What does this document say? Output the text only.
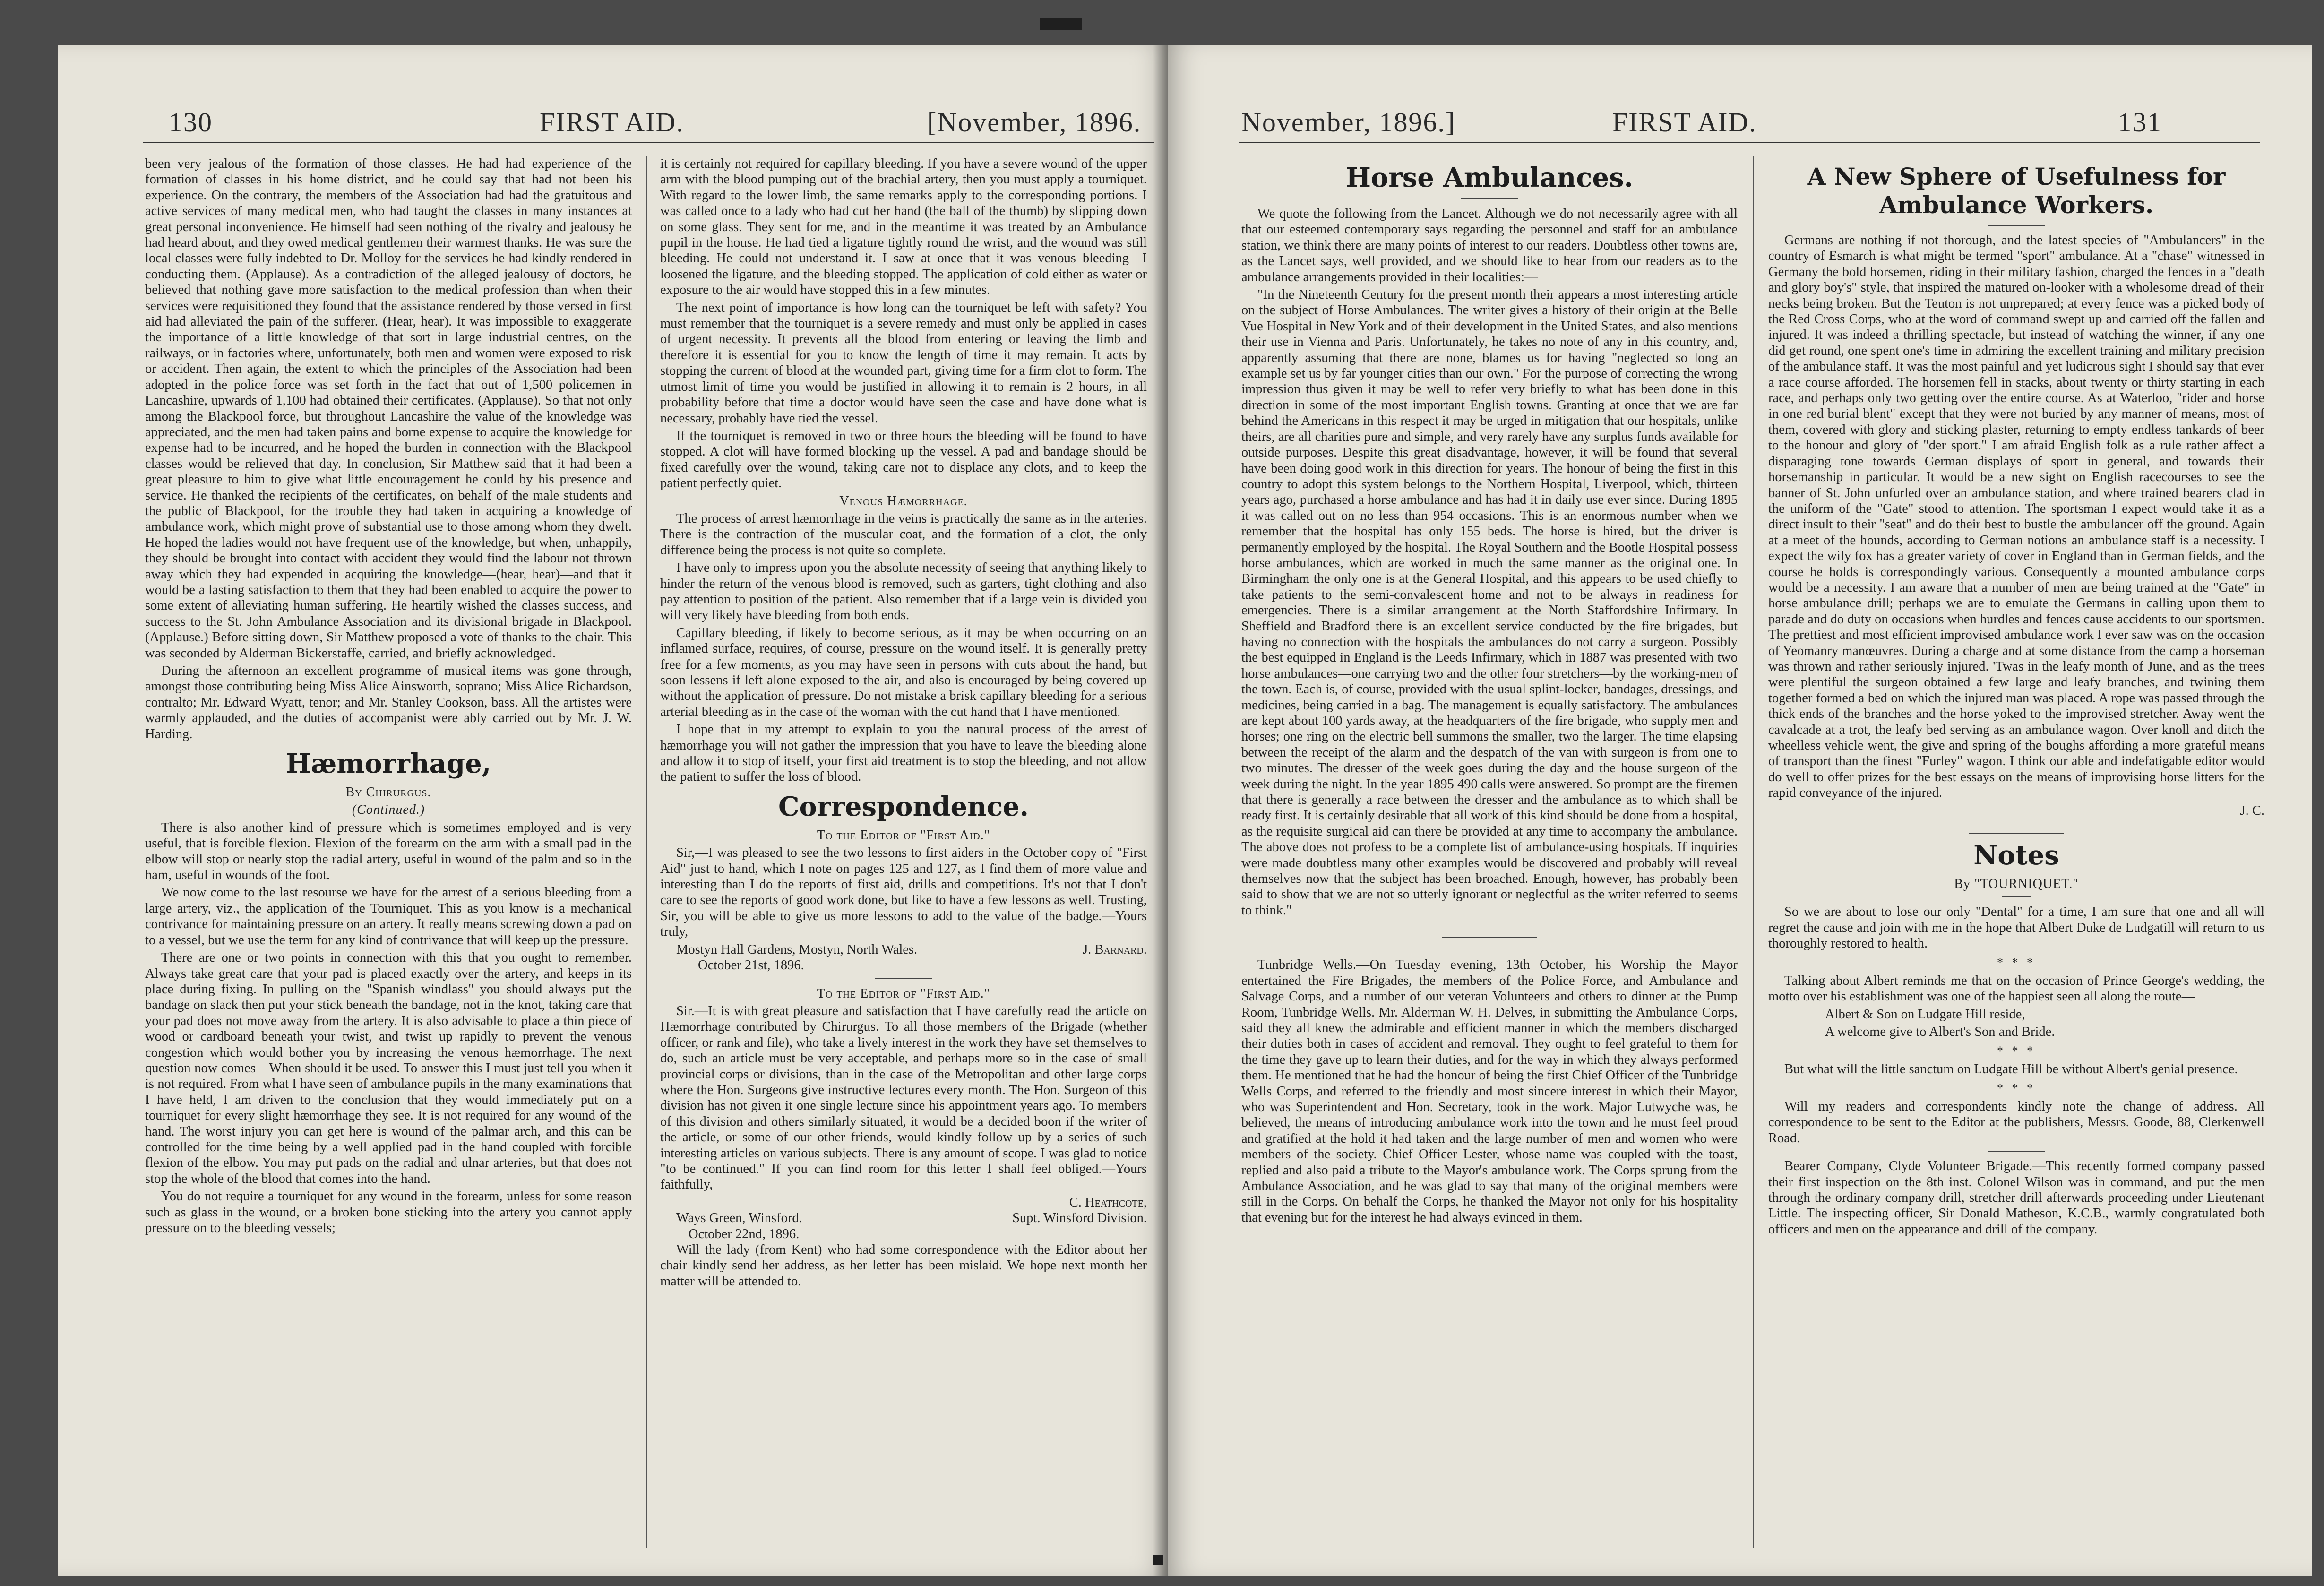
130	FIRST AID.	[November, 1896.

been very jealous of the formation of those classes. He had had experience of the formation of classes in his home district, and he could say that had not been his experience. On the contrary, the members of the Association had had the gratuitous and active services of many medical men, who had taught the classes in many instances at great personal inconvenience. He himself had seen nothing of the rivalry and jealousy he had heard about, and they owed medical gentlemen their warmest thanks. He was sure the local classes were fully indebted to Dr. Molloy for the services he had kindly rendered in conducting them. (Applause). As a contradiction of the alleged jealousy of doctors, he believed that nothing gave more satisfaction to the medical profession than when their services were requisitioned they found that the assistance rendered by those versed in first aid had alleviated the pain of the sufferer. (Hear, hear). It was impossible to exaggerate the importance of a little knowledge of that sort in large industrial centres, on the railways, or in factories where, unfortunately, both men and women were exposed to risk or accident. Then again, the extent to which the principles of the Association had been adopted in the police force was set forth in the fact that out of 1,500 policemen in Lancashire, upwards of 1,100 had obtained their certificates. (Applause). So that not only among the Blackpool force, but throughout Lancashire the value of the knowledge was appreciated, and the men had taken pains and borne expense to acquire the knowledge for expense had to be incurred, and he hoped the burden in connection with the Blackpool classes would be relieved that day. In conclusion, Sir Matthew said that it had been a great pleasure to him to give what little encouragement he could by his presence and service. He thanked the recipients of the certificates, on behalf of the male students and the public of Blackpool, for the trouble they had taken in acquiring a knowledge of ambulance work, which might prove of substantial use to those among whom they dwelt. He hoped the ladies would not have frequent use of the knowledge, but when, unhappily, they should be brought into contact with accident they would find the labour not thrown away which they had expended in acquiring the knowledge—(hear, hear)—and that it would be a lasting satisfaction to them that they had been enabled to acquire the power to some extent of alleviating human suffering. He heartily wished the classes success, and success to the St. John Ambulance Association and its divisional brigade in Blackpool. (Applause.) Before sitting down, Sir Matthew proposed a vote of thanks to the chair. This was seconded by Alderman Bickerstaffe, carried, and briefly acknowledged.

During the afternoon an excellent programme of musical items was gone through, amongst those contributing being Miss Alice Ainsworth, soprano; Miss Alice Richardson, contralto; Mr. Edward Wyatt, tenor; and Mr. Stanley Cookson, bass. All the artistes were warmly applauded, and the duties of accompanist were ably carried out by Mr. J. W. Harding.

Hæmorrhage,
By Chirurgus.
(Continued.)

There is also another kind of pressure which is sometimes employed and is very useful, that is forcible flexion. Flexion of the forearm on the arm with a small pad in the elbow will stop or nearly stop the radial artery, useful in wound of the palm and so in the ham, useful in wounds of the foot.

We now come to the last resourse we have for the arrest of a serious bleeding from a large artery, viz., the application of the Tourniquet. This as you know is a mechanical contrivance for maintaining pressure on an artery. It really means screwing down a pad on to a vessel, but we use the term for any kind of contrivance that will keep up the pressure.

There are one or two points in connection with this that you ought to remember. Always take great care that your pad is placed exactly over the artery, and keeps in its place during fixing. In pulling on the "Spanish windlass" you should always put the bandage on slack then put your stick beneath the bandage, not in the knot, taking care that your pad does not move away from the artery. It is also advisable to place a thin piece of wood or cardboard beneath your twist, and twist up rapidly to prevent the venous congestion which would bother you by increasing the venous hæmorrhage. The next question now comes—When should it be used. To answer this I must just tell you when it is not required. From what I have seen of ambulance pupils in the many examinations that I have held, I am driven to the conclusion that they would immediately put on a tourniquet for every slight hæmorrhage they see. It is not required for any wound of the hand. The worst injury you can get here is wound of the palmar arch, and this can be controlled for the time being by a well applied pad in the hand coupled with forcible flexion of the elbow. You may put pads on the radial and ulnar arteries, but that does not stop the whole of the blood that comes into the hand.

You do not require a tourniquet for any wound in the forearm, unless for some reason such as glass in the wound, or a broken bone sticking into the artery you cannot apply pressure on to the bleeding vessels;

it is certainly not required for capillary bleeding. If you have a severe wound of the upper arm with the blood pumping out of the brachial artery, then you must apply a tourniquet. With regard to the lower limb, the same remarks apply to the corresponding portions. I was called once to a lady who had cut her hand (the ball of the thumb) by slipping down on some glass. They sent for me, and in the meantime it was treated by an Ambulance pupil in the house. He had tied a ligature tightly round the wrist, and the wound was still bleeding. He could not understand it. I saw at once that it was venous bleeding—I loosened the ligature, and the bleeding stopped. The application of cold either as water or exposure to the air would have stopped this in a few minutes.

The next point of importance is how long can the tourniquet be left with safety? You must remember that the tourniquet is a severe remedy and must only be applied in cases of urgent necessity. It prevents all the blood from entering or leaving the limb and therefore it is essential for you to know the length of time it may remain. It acts by stopping the current of blood at the wounded part, giving time for a firm clot to form. The utmost limit of time you would be justified in allowing it to remain is 2 hours, in all probability before that time a doctor would have seen the case and have done what is necessary, probably have tied the vessel.

If the tourniquet is removed in two or three hours the bleeding will be found to have stopped. A clot will have formed blocking up the vessel. A pad and bandage should be fixed carefully over the wound, taking care not to displace any clots, and to keep the patient perfectly quiet.

Venous Hæmorrhage.

The process of arrest hæmorrhage in the veins is practically the same as in the arteries. There is the contraction of the muscular coat, and the formation of a clot, the only difference being the process is not quite so complete.

I have only to impress upon you the absolute necessity of seeing that anything likely to hinder the return of the venous blood is removed, such as garters, tight clothing and also pay attention to position of the patient. Also remember that if a large vein is divided you will very likely have bleeding from both ends.

Capillary bleeding, if likely to become serious, as it may be when occurring on an inflamed surface, requires, of course, pressure on the wound itself. It is generally pretty free for a few moments, as you may have seen in persons with cuts about the hand, but soon lessens if left alone exposed to the air, and also is encouraged by being covered up without the application of pressure. Do not mistake a brisk capillary bleeding for a serious arterial bleeding as in the case of the woman with the cut hand that I have mentioned.

I hope that in my attempt to explain to you the natural process of the arrest of hæmorrhage you will not gather the impression that you have to leave the bleeding alone and allow it to stop of itself, your first aid treatment is to stop the bleeding, and not allow the patient to suffer the loss of blood.

Correspondence.
To the Editor of "First Aid."

Sir,—I was pleased to see the two lessons to first aiders in the October copy of "First Aid" just to hand, which I note on pages 125 and 127, as I find them of more value and interesting than I do the reports of first aid, drills and competitions. It's not that I don't care to see the reports of good work done, but like to have a few lessons as well. Trusting, Sir, you will be able to give us more lessons to add to the value of the badge.—Yours truly,

Mostyn Hall Gardens, Mostyn, North Wales.	J. Barnard.
October 21st, 1896.
To the Editor of "First Aid."

Sir.—It is with great pleasure and satisfaction that I have carefully read the article on Hæmorrhage contributed by Chirurgus. To all those members of the Brigade (whether officer, or rank and file), who take a lively interest in the work they have set themselves to do, such an article must be very acceptable, and perhaps more so in the case of small provincial corps or divisions, than in the case of the Metropolitan and other large corps where the Hon. Surgeons give instructive lectures every month. The Hon. Surgeon of this division has not given it one single lecture since his appointment years ago. To members of this division and others similarly situated, it would be a decided boon if the writer of the article, or some of our other friends, would kindly follow up by a series of such interesting articles on various subjects. There is any amount of scope. I was glad to notice "to be continued." If you can find room for this letter I shall feel obliged.—Yours faithfully,

C. Heathcote,
Ways Green, Winsford.	Supt. Winsford Division.
October 22nd, 1896.

Will the lady (from Kent) who had some correspondence with the Editor about her chair kindly send her address, as her letter has been mislaid. We hope next month her matter will be attended to.

November, 1896.]	FIRST AID.	131
Horse Ambulances.

We quote the following from the Lancet. Although we do not necessarily agree with all that our esteemed contemporary says regarding the personnel and staff for an ambulance station, we think there are many points of interest to our readers. Doubtless other towns are, as the Lancet says, well provided, and we should like to hear from our readers as to the ambulance arrangements provided in their localities:—

"In the Nineteenth Century for the present month their appears a most interesting article on the subject of Horse Ambulances. The writer gives a history of their origin at the Belle Vue Hospital in New York and of their development in the United States, and also mentions their use in Vienna and Paris. Unfortunately, he takes no note of any in this country, and, apparently assuming that there are none, blames us for having "neglected so long an example set us by far younger cities than our own." For the purpose of correcting the wrong impression thus given it may be well to refer very briefly to what has been done in this direction in some of the most important English towns. Granting at once that we are far behind the Americans in this respect it may be urged in mitigation that our hospitals, unlike theirs, are all charities pure and simple, and very rarely have any surplus funds available for outside purposes. Despite this great disadvantage, however, it will be found that several have been doing good work in this direction for years. The honour of being the first in this country to adopt this system belongs to the Northern Hospital, Liverpool, which, thirteen years ago, purchased a horse ambulance and has had it in daily use ever since. During 1895 it was called out on no less than 954 occasions. This is an enormous number when we remember that the hospital has only 155 beds. The horse is hired, but the driver is permanently employed by the hospital. The Royal Southern and the Bootle Hospital possess horse ambulances, which are worked in much the same manner as the original one. In Birmingham the only one is at the General Hospital, and this appears to be used chiefly to take patients to the semi-convalescent home and not to be always in readiness for emergencies. There is a similar arrangement at the North Staffordshire Infirmary. In Sheffield and Bradford there is an excellent service conducted by the fire brigades, but having no connection with the hospitals the ambulances do not carry a surgeon. Possibly the best equipped in England is the Leeds Infirmary, which in 1887 was presented with two horse ambulances—one carrying two and the other four stretchers—by the working-men of the town. Each is, of course, provided with the usual splint-locker, bandages, dressings, and medicines, being carried in a bag. The management is equally satisfactory. The ambulances are kept about 100 yards away, at the headquarters of the fire brigade, who supply men and horses; one ring on the electric bell summons the smaller, two the larger. The time elapsing between the receipt of the alarm and the despatch of the van with surgeon is from one to two minutes. The dresser of the week goes during the day and the house surgeon of the week during the night. In the year 1895 490 calls were answered. So prompt are the firemen that there is generally a race between the dresser and the ambulance as to which shall be ready first. It is certainly desirable that all work of this kind should be done from a hospital, as the requisite surgical aid can there be provided at any time to accompany the ambulance. The above does not profess to be a complete list of ambulance-using hospitals. If inquiries were made doubtless many other examples would be discovered and probably will reveal themselves now that the subject has been broached. Enough, however, has probably been said to show that we are not so utterly ignorant or neglectful as the writer referred to seems to think."

Tunbridge Wells.—On Tuesday evening, 13th October, his Worship the Mayor entertained the Fire Brigades, the members of the Police Force, and Ambulance and Salvage Corps, and a number of our veteran Volunteers and others to dinner at the Pump Room, Tunbridge Wells. Mr. Alderman W. H. Delves, in submitting the Ambulance Corps, said they all knew the admirable and efficient manner in which the members discharged their duties both in cases of accident and removal. They ought to feel grateful to them for the time they gave up to learn their duties, and for the way in which they always performed them. He mentioned that he had the honour of being the first Chief Officer of the Tunbridge Wells Corps, and referred to the friendly and most sincere interest in which their Mayor, who was Superintendent and Hon. Secretary, took in the work. Major Lutwyche was, he believed, the means of introducing ambulance work into the town and he must feel proud and gratified at the hold it had taken and the large number of men and women who were members of the society. Chief Officer Lester, whose name was coupled with the toast, replied and also paid a tribute to the Mayor's ambulance work. The Corps sprung from the Ambulance Association, and he was glad to say that many of the original members were still in the Corps. On behalf the Corps, he thanked the Mayor not only for his hospitality that evening but for the interest he had always evinced in them.

A New Sphere of Usefulness for Ambulance Workers.

Germans are nothing if not thorough, and the latest species of "Ambulancers" in the country of Esmarch is what might be termed "sport" ambulance. At a "chase" witnessed in Germany the bold horsemen, riding in their military fashion, charged the fences in a "death and glory boy's" style, that inspired the matured on-looker with a wholesome dread of their necks being broken. But the Teuton is not unprepared; at every fence was a picked body of the Red Cross Corps, who at the word of command swept up and carried off the fallen and injured. It was indeed a thrilling spectacle, but instead of watching the winner, if any one did get round, one spent one's time in admiring the excellent training and military precision of the ambulance staff. It was the most painful and yet ludicrous sight I should say that ever a race course afforded. The horsemen fell in stacks, about twenty or thirty starting in each race, and perhaps only two getting over the entire course. As at Waterloo, "rider and horse in one red burial blent" except that they were not buried by any manner of means, most of them, covered with glory and sticking plaster, returning to empty endless tankards of beer to the honour and glory of "der sport." I am afraid English folk as a rule rather affect a disparaging tone towards German displays of sport in general, and towards their horsemanship in particular. It would be a new sight on English racecourses to see the banner of St. John unfurled over an ambulance station, and where trained bearers clad in the uniform of the "Gate" stood to attention. The sportsman I expect would take it as a direct insult to their "seat" and do their best to bustle the ambulancer off the ground. Again at a meet of the hounds, according to German notions an ambulance staff is a necessity. I expect the wily fox has a greater variety of cover in England than in German fields, and the course he holds is correspondingly various. Consequently a mounted ambulance corps would be a necessity. I am aware that a number of men are being trained at the "Gate" in horse ambulance drill; perhaps we are to emulate the Germans in calling upon them to parade and do duty on occasions when hurdles and fences cause accidents to our sportsmen. The prettiest and most efficient improvised ambulance work I ever saw was on the occasion of Yeomanry manœuvres. During a charge and at some distance from the camp a horseman was thrown and rather seriously injured. 'Twas in the leafy month of June, and as the trees were plentiful the surgeon obtained a few large and leafy branches, and twining them together formed a bed on which the injured man was placed. A rope was passed through the thick ends of the branches and the horse yoked to the improvised stretcher. Away went the cavalcade at a trot, the leafy bed serving as an ambulance wagon. Over knoll and ditch the wheelless vehicle went, the give and spring of the boughs affording a more grateful means of transport than the finest "Furley" wagon. I think our able and indefatigable editor would do well to offer prizes for the best essays on the means of improvising horse litters for the rapid conveyance of the injured.

J. C.
Notes
By "TOURNIQUET."

So we are about to lose our only "Dental" for a time, I am sure that one and all will regret the cause and join with me in the hope that Albert Duke de Ludgatill will return to us thoroughly restored to health.

* * *

Talking about Albert reminds me that on the occasion of Prince George's wedding, the motto over his establishment was one of the happiest seen all along the route—

Albert & Son on Ludgate Hill reside,

A welcome give to Albert's Son and Bride.

* * *

But what will the little sanctum on Ludgate Hill be without Albert's genial presence.

* * *

Will my readers and correspondents kindly note the change of address. All correspondence to be sent to the Editor at the publishers, Messrs. Goode, 88, Clerkenwell Road.

Bearer Company, Clyde Volunteer Brigade.—This recently formed company passed their first inspection on the 8th inst. Colonel Wilson was in command, and put the men through the ordinary company drill, stretcher drill afterwards proceeding under Lieutenant Little. The inspecting officer, Sir Donald Matheson, K.C.B., warmly congratulated both officers and men on the appearance and drill of the company.
